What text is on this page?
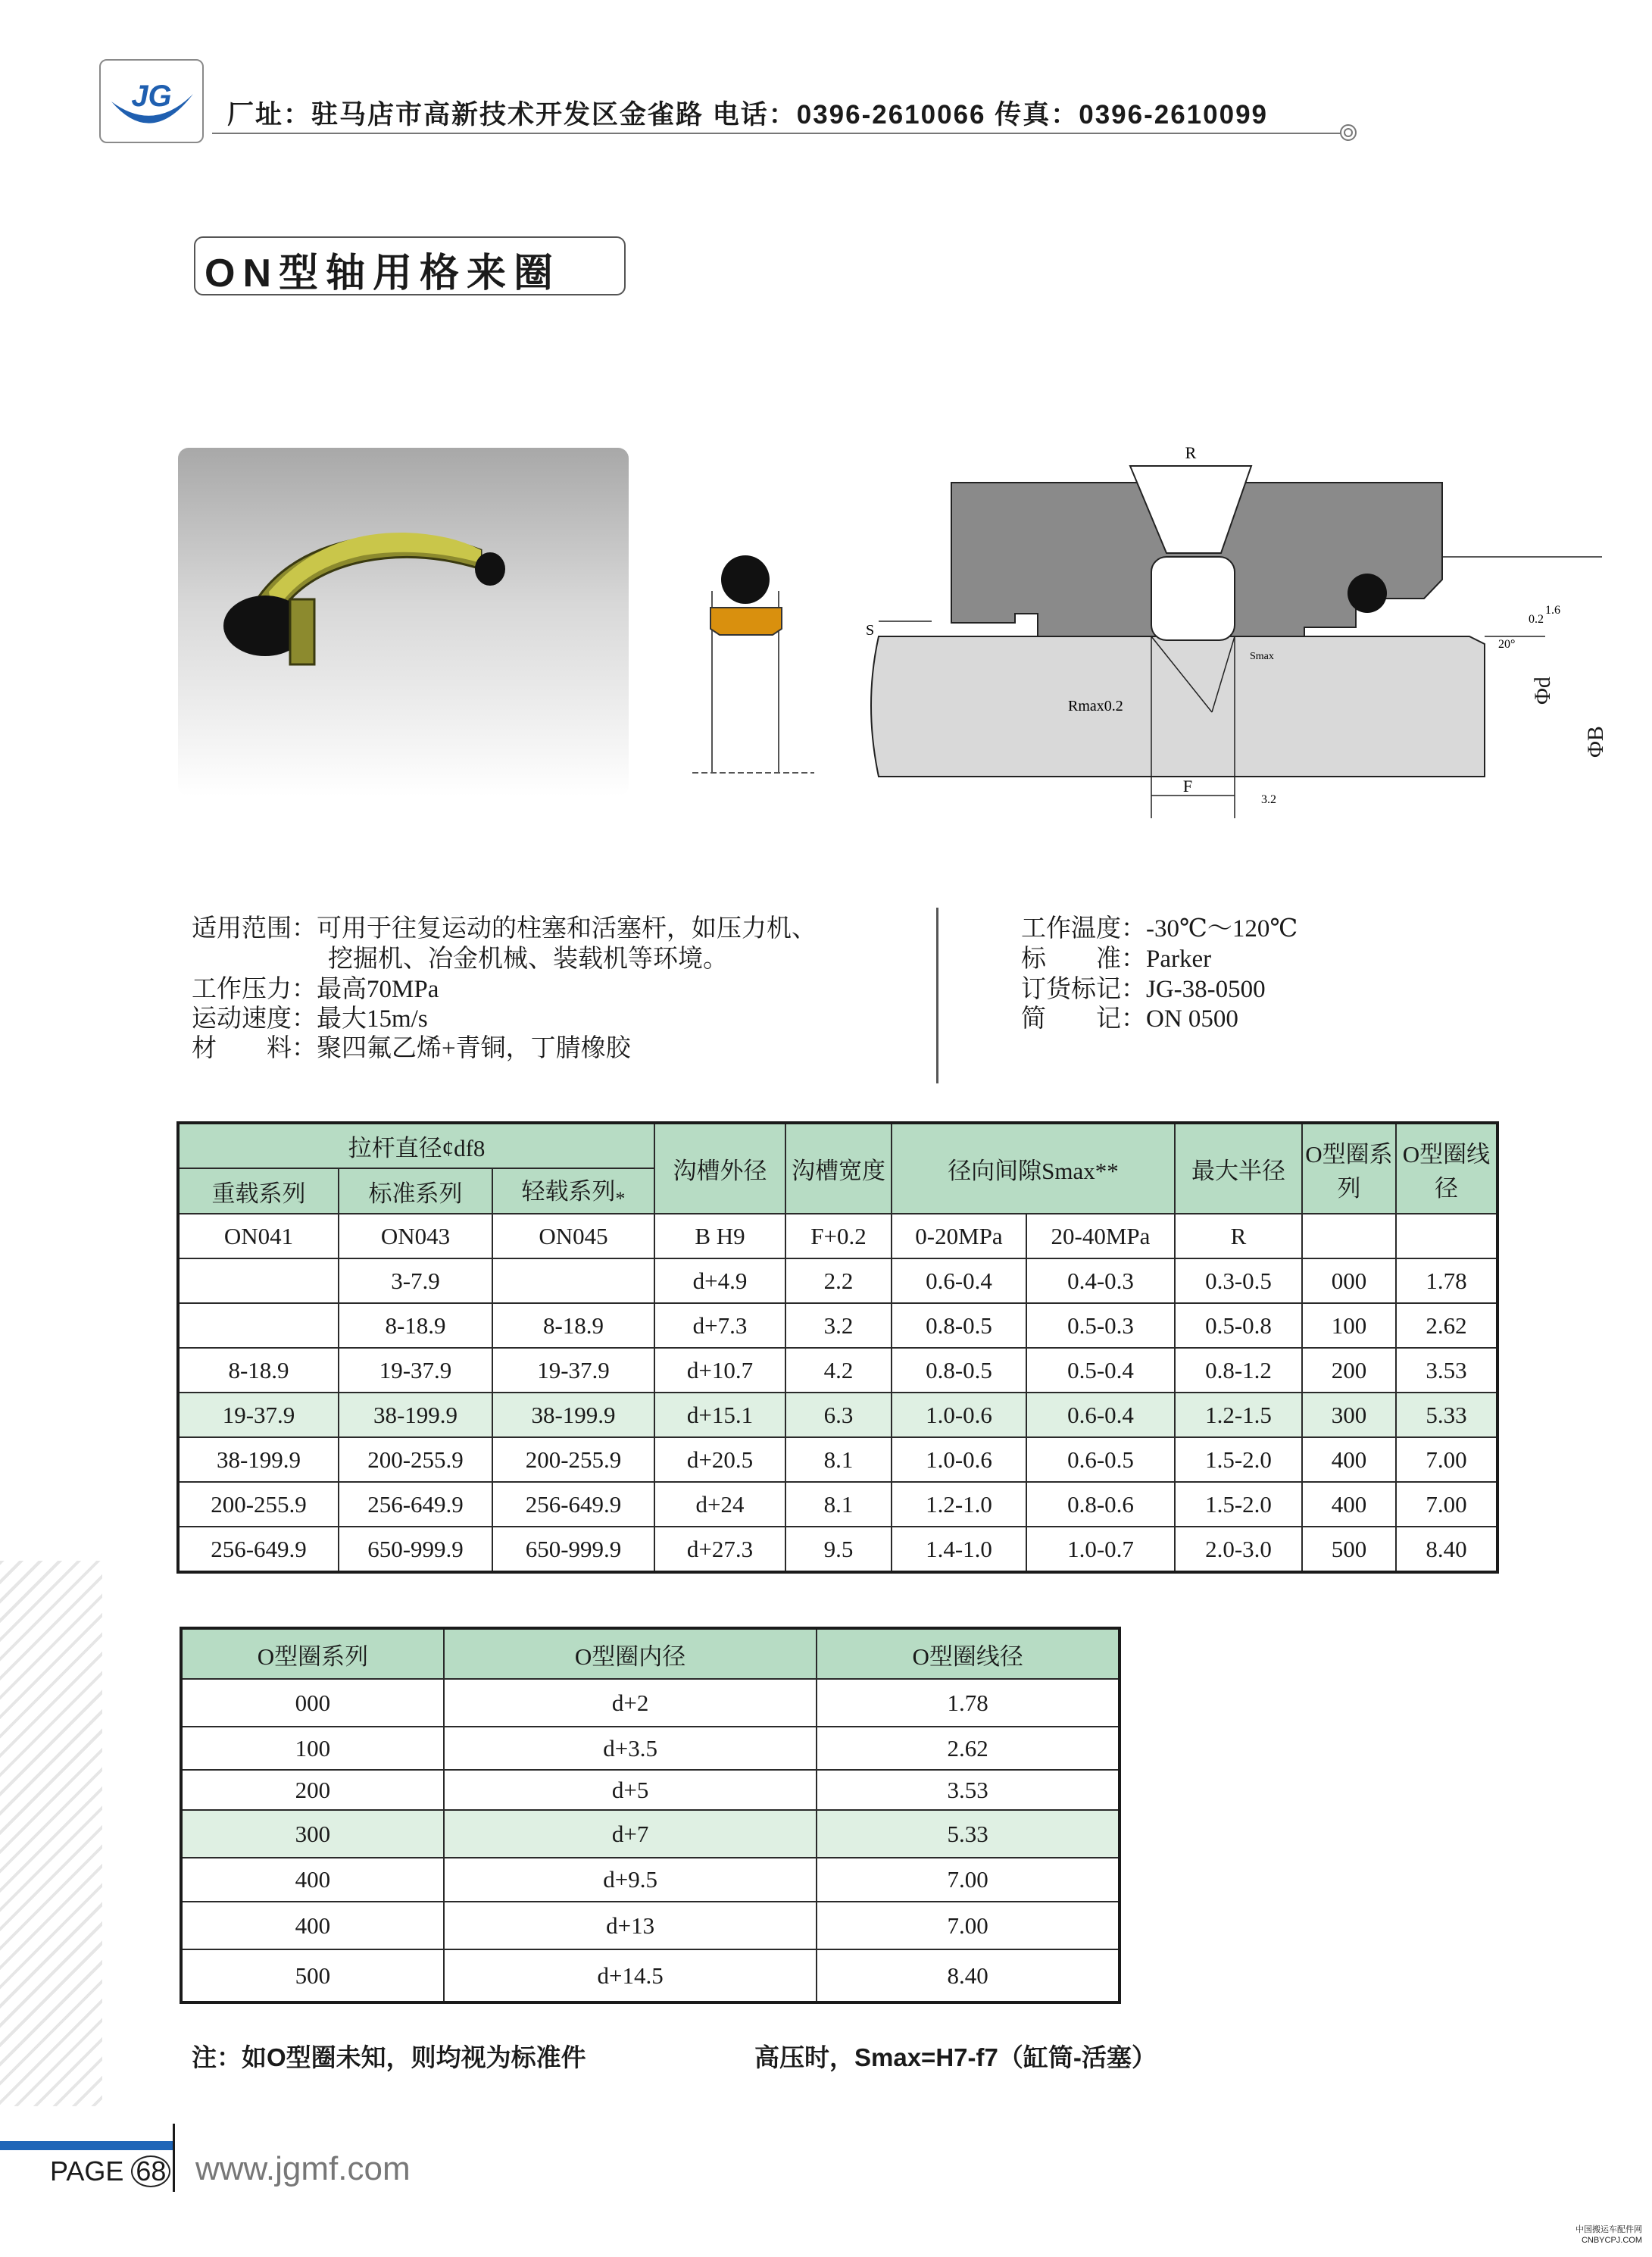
JG
厂址：驻马店市高新技术开发区金雀路 电话：0396-2610066 传真：0396-2610099
ON型轴用格来圈
R
F
Rmax0.2
S
Smax
1.6
0.2
20°
3.2
Φd
ΦB
适用范围：可用于往复运动的柱塞和活塞杆，如压力机、
挖掘机、冶金机械、装载机等环境。
工作压力：最高70MPa
运动速度：最大15m/s
材　　料：聚四氟乙烯+青铜，丁腈橡胶
工作温度：-30℃～120℃
标　　准：Parker
订货标记：JG-38-0500
简　　记：ON 0500
拉杆直径¢df8			沟槽外径	沟槽宽度	径向间隙Smax**		最大半径	O型圈系列	O型圈线径
重载系列	标准系列	轻载系列$_*$
ON041	ON043	ON045	B H9	F+0.2	0-20MPa	20-40MPa	R		
	3-7.9		d+4.9	2.2	0.6-0.4	0.4-0.3	0.3-0.5	000	1.78
	8-18.9	8-18.9	d+7.3	3.2	0.8-0.5	0.5-0.3	0.5-0.8	100	2.62
8-18.9	19-37.9	19-37.9	d+10.7	4.2	0.8-0.5	0.5-0.4	0.8-1.2	200	3.53
19-37.9	38-199.9	38-199.9	d+15.1	6.3	1.0-0.6	0.6-0.4	1.2-1.5	300	5.33
38-199.9	200-255.9	200-255.9	d+20.5	8.1	1.0-0.6	0.6-0.5	1.5-2.0	400	7.00
200-255.9	256-649.9	256-649.9	d+24	8.1	1.2-1.0	0.8-0.6	1.5-2.0	400	7.00
256-649.9	650-999.9	650-999.9	d+27.3	9.5	1.4-1.0	1.0-0.7	2.0-3.0	500	8.40
O型圈系列	O型圈内径	O型圈线径
000	d+2	1.78
100	d+3.5	2.62
200	d+5	3.53
300	d+7	5.33
400	d+9.5	7.00
400	d+13	7.00
500	d+14.5	8.40
注：如O型圈未知，则均视为标准件	高压时，Smax=H7-f7（缸筒-活塞）
PAGE 68 www.jgmf.com
中国搬运车配件网
CNBYCPJ.COM
